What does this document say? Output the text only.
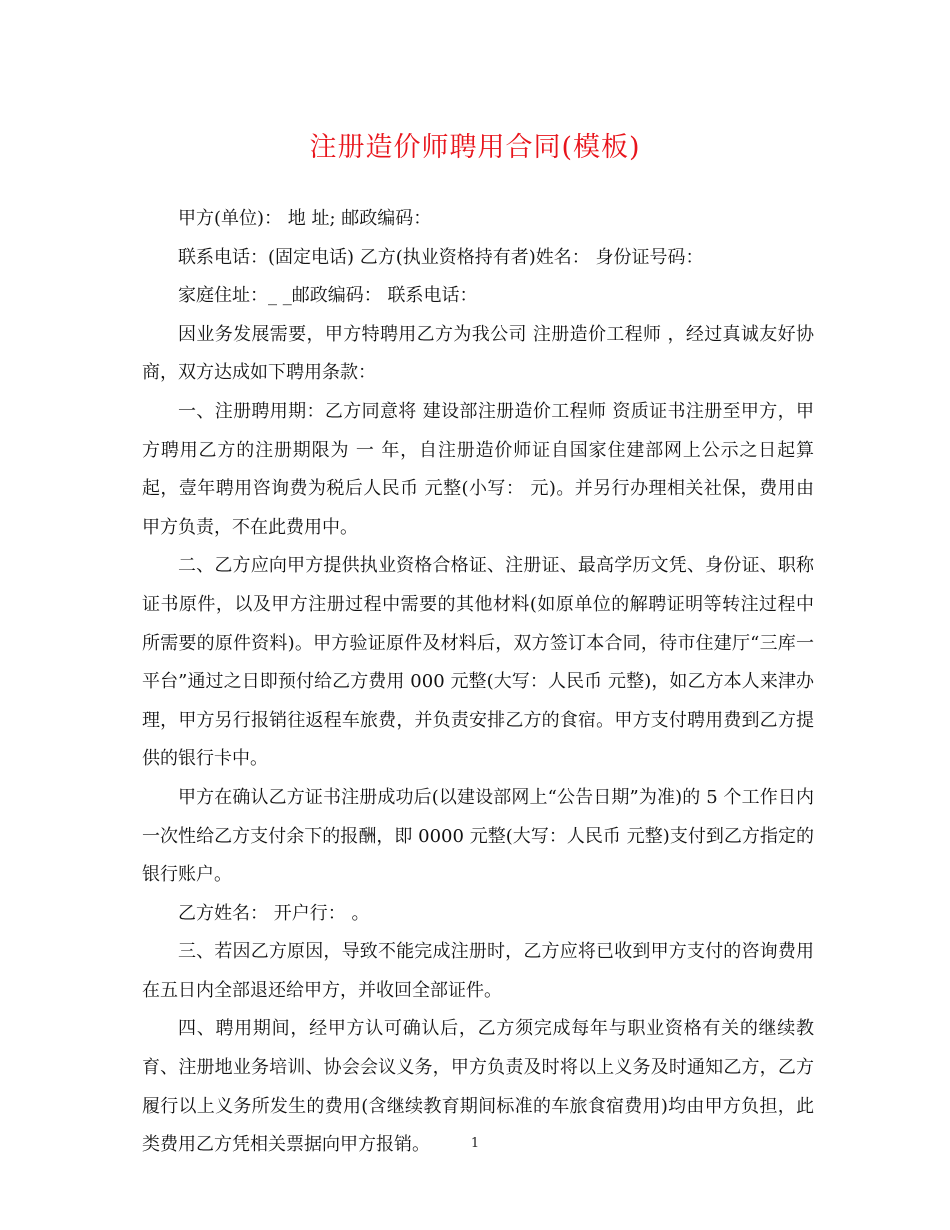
注册造价师聘用合同(模板)

甲方(单位)： 地 址; 邮政编码：

联系电话：(固定电话) 乙方(执业资格持有者)姓名： 身份证号码：

家庭住址：_ _邮政编码： 联系电话：

因业务发展需要，甲方特聘用乙方为我公司 注册造价工程师 ，经过真诚友好协商，双方达成如下聘用条款：

一、注册聘用期：乙方同意将 建设部注册造价工程师 资质证书注册至甲方，甲方聘用乙方的注册期限为 一 年，自注册造价师证自国家住建部网上公示之日起算起，壹年聘用咨询费为税后人民币 元整(小写： 元)。并另行办理相关社保，费用由甲方负责，不在此费用中。

二、乙方应向甲方提供执业资格合格证、注册证、最高学历文凭、身份证、职称证书原件，以及甲方注册过程中需要的其他材料(如原单位的解聘证明等转注过程中所需要的原件资料)。甲方验证原件及材料后，双方签订本合同，待市住建厅“三库一平台”通过之日即预付给乙方费用 000 元整(大写：人民币 元整)，如乙方本人来津办理，甲方另行报销往返程车旅费，并负责安排乙方的食宿。甲方支付聘用费到乙方提供的银行卡中。

甲方在确认乙方证书注册成功后(以建设部网上“公告日期”为准)的 5 个工作日内一次性给乙方支付余下的报酬，即 0000 元整(大写：人民币 元整)支付到乙方指定的银行账户。

乙方姓名： 开户行： 。

三、若因乙方原因，导致不能完成注册时，乙方应将已收到甲方支付的咨询费用在五日内全部退还给甲方，并收回全部证件。

四、聘用期间，经甲方认可确认后，乙方须完成每年与职业资格有关的继续教育、注册地业务培训、协会会议义务，甲方负责及时将以上义务及时通知乙方，乙方履行以上义务所发生的费用(含继续教育期间标准的车旅食宿费用)均由甲方负担，此类费用乙方凭相关票据向甲方报销。	1
